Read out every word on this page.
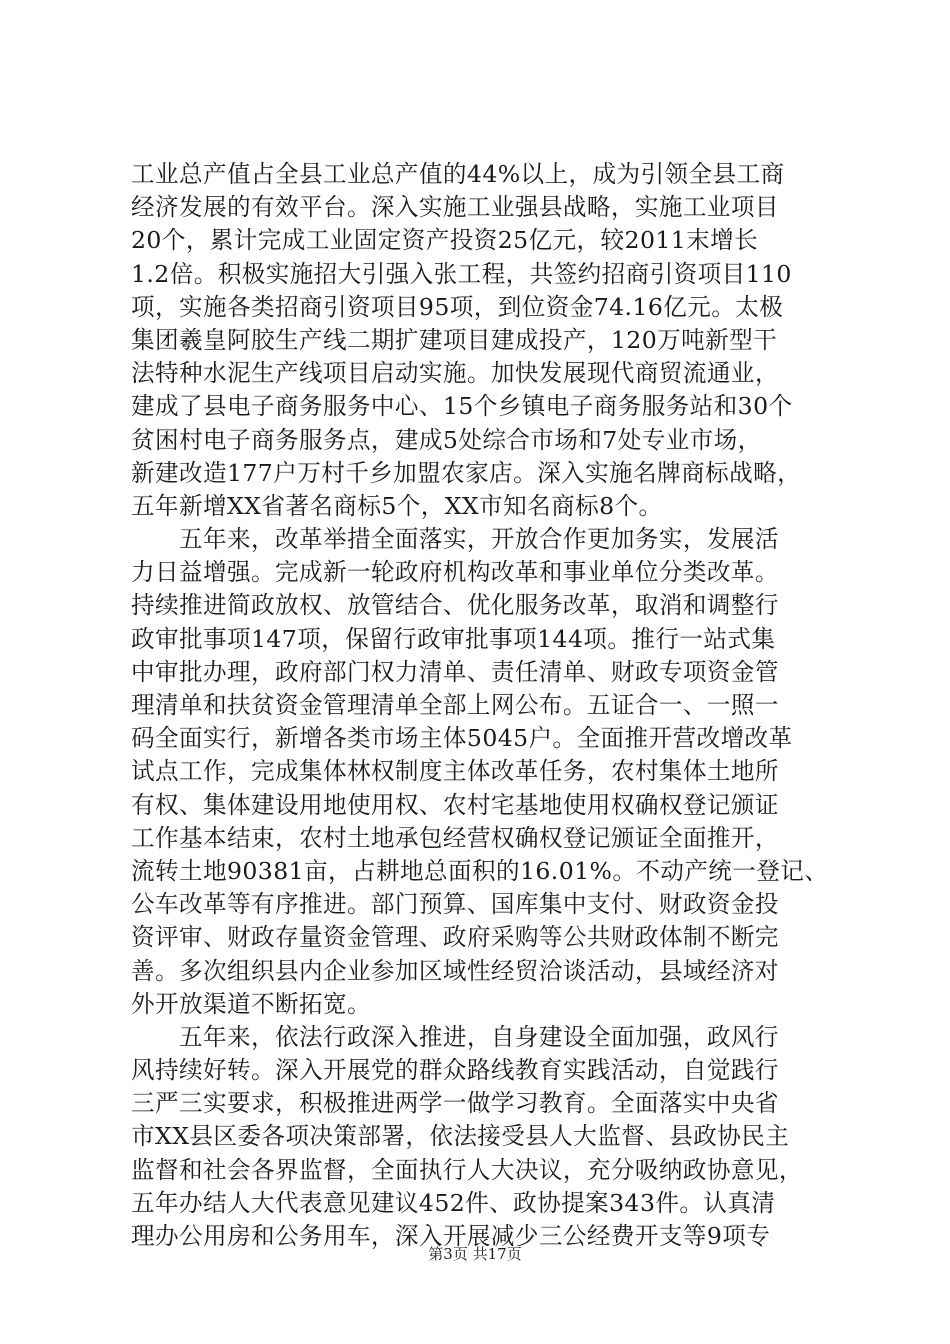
工业总产值占全县工业总产值的44%以上，成为引领全县工商
经济发展的有效平台。深入实施工业强县战略，实施工业项目
20个，累计完成工业固定资产投资25亿元，较2011末增长
1.2倍。积极实施招大引强入张工程，共签约招商引资项目110
项，实施各类招商引资项目95项，到位资金74.16亿元。太极
集团羲皇阿胶生产线二期扩建项目建成投产，120万吨新型干
法特种水泥生产线项目启动实施。加快发展现代商贸流通业，
建成了县电子商务服务中心、15个乡镇电子商务服务站和30个
贫困村电子商务服务点，建成5处综合市场和7处专业市场，
新建改造177户万村千乡加盟农家店。深入实施名牌商标战略，
五年新增XX省著名商标5个，XX市知名商标8个。
　　五年来，改革举措全面落实，开放合作更加务实，发展活
力日益增强。完成新一轮政府机构改革和事业单位分类改革。
持续推进简政放权、放管结合、优化服务改革，取消和调整行
政审批事项147项，保留行政审批事项144项。推行一站式集
中审批办理，政府部门权力清单、责任清单、财政专项资金管
理清单和扶贫资金管理清单全部上网公布。五证合一、一照一
码全面实行，新增各类市场主体5045户。全面推开营改增改革
试点工作，完成集体林权制度主体改革任务，农村集体土地所
有权、集体建设用地使用权、农村宅基地使用权确权登记颁证
工作基本结束，农村土地承包经营权确权登记颁证全面推开，
流转土地90381亩，占耕地总面积的16.01%。不动产统一登记、
公车改革等有序推进。部门预算、国库集中支付、财政资金投
资评审、财政存量资金管理、政府采购等公共财政体制不断完
善。多次组织县内企业参加区域性经贸洽谈活动，县域经济对
外开放渠道不断拓宽。
　　五年来，依法行政深入推进，自身建设全面加强，政风行
风持续好转。深入开展党的群众路线教育实践活动，自觉践行
三严三实要求，积极推进两学一做学习教育。全面落实中央省
市XX县区委各项决策部署，依法接受县人大监督、县政协民主
监督和社会各界监督，全面执行人大决议，充分吸纳政协意见，
五年办结人大代表意见建议452件、政协提案343件。认真清
理办公用房和公务用车，深入开展减少三公经费开支等9项专
第3页 共17页
